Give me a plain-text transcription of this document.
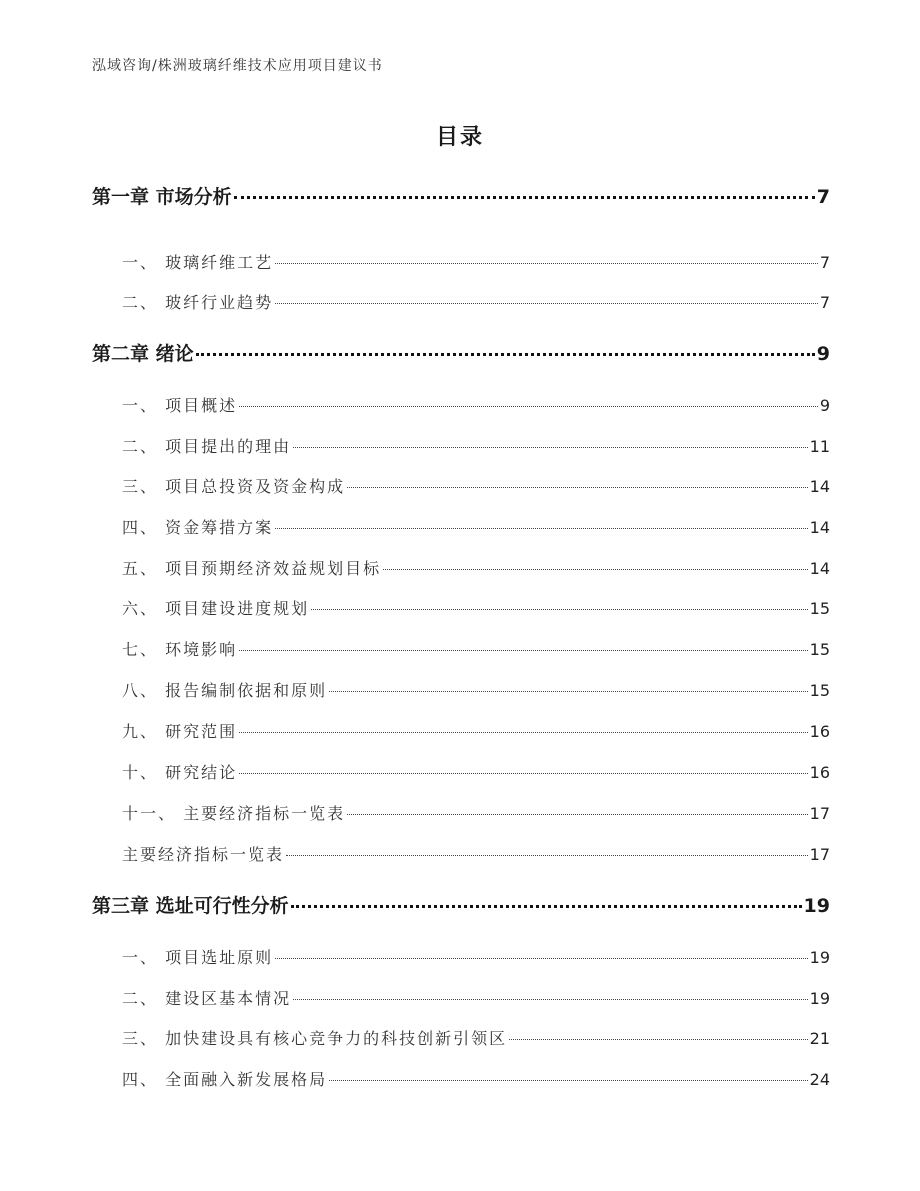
泓域咨询/株洲玻璃纤维技术应用项目建议书
目录
第一章 市场分析	7
一、 玻璃纤维工艺	7
二、 玻纤行业趋势	7
第二章 绪论	9
一、 项目概述	9
二、 项目提出的理由	11
三、 项目总投资及资金构成	14
四、 资金筹措方案	14
五、 项目预期经济效益规划目标	14
六、 项目建设进度规划	15
七、 环境影响	15
八、 报告编制依据和原则	15
九、 研究范围	16
十、 研究结论	16
十一、 主要经济指标一览表	17
主要经济指标一览表	17
第三章 选址可行性分析	19
一、 项目选址原则	19
二、 建设区基本情况	19
三、 加快建设具有核心竞争力的科技创新引领区	21
四、 全面融入新发展格局	24
